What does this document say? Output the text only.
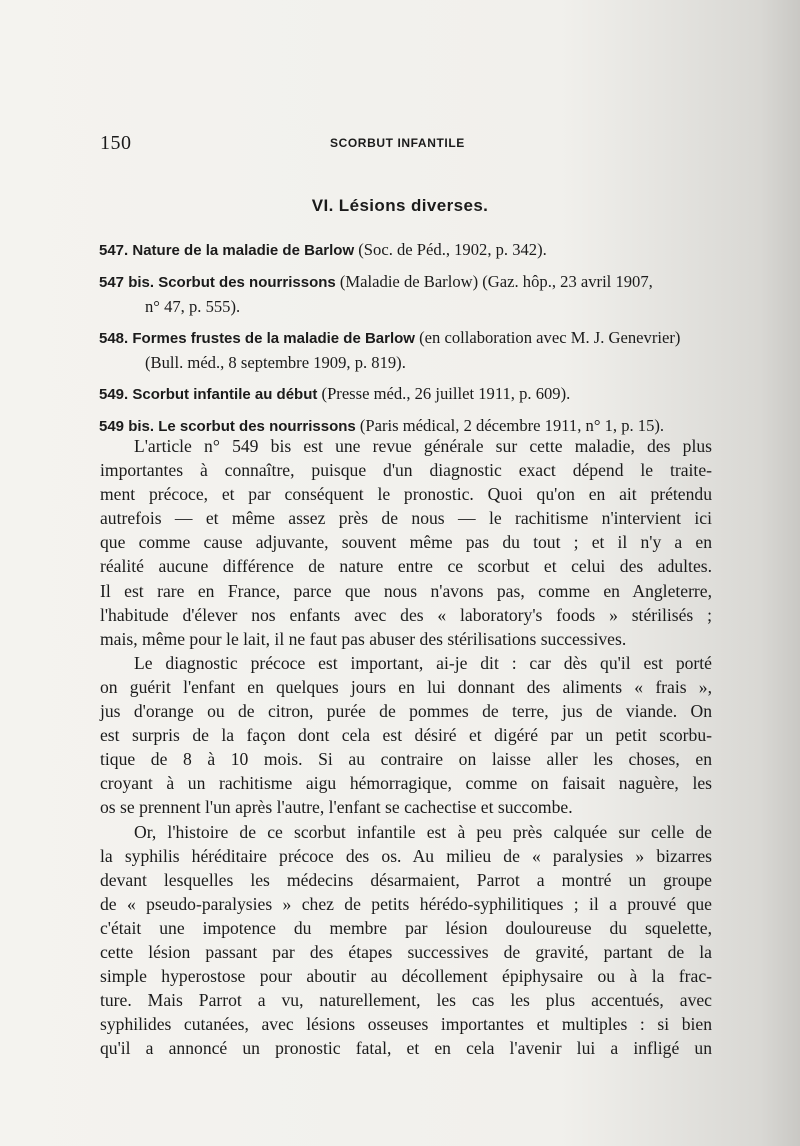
150	SCORBUT INFANTILE
VI. Lésions diverses.
547. Nature de la maladie de Barlow (Soc. de Péd., 1902, p. 342).
547 bis. Scorbut des nourrissons (Maladie de Barlow) (Gaz. hôp., 23 avril 1907,
n° 47, p. 555).
548. Formes frustes de la maladie de Barlow (en collaboration avec M. J. Genevrier)
(Bull. méd., 8 septembre 1909, p. 819).
549. Scorbut infantile au début (Presse méd., 26 juillet 1911, p. 609).
549 bis. Le scorbut des nourrissons (Paris médical, 2 décembre 1911, n° 1, p. 15).
L'article n° 549 bis est une revue générale sur cette maladie, des plus
importantes à connaître, puisque d'un diagnostic exact dépend le traite-
ment précoce, et par conséquent le pronostic. Quoi qu'on en ait prétendu
autrefois — et même assez près de nous — le rachitisme n'intervient ici
que comme cause adjuvante, souvent même pas du tout ; et il n'y a en
réalité aucune différence de nature entre ce scorbut et celui des adultes.
Il est rare en France, parce que nous n'avons pas, comme en Angleterre,
l'habitude d'élever nos enfants avec des « laboratory's foods » stérilisés ;
mais, même pour le lait, il ne faut pas abuser des stérilisations successives.
Le diagnostic précoce est important, ai-je dit : car dès qu'il est porté
on guérit l'enfant en quelques jours en lui donnant des aliments « frais »,
jus d'orange ou de citron, purée de pommes de terre, jus de viande. On
est surpris de la façon dont cela est désiré et digéré par un petit scorbu-
tique de 8 à 10 mois. Si au contraire on laisse aller les choses, en
croyant à un rachitisme aigu hémorragique, comme on faisait naguère, les
os se prennent l'un après l'autre, l'enfant se cachectise et succombe.
Or, l'histoire de ce scorbut infantile est à peu près calquée sur celle de
la syphilis héréditaire précoce des os. Au milieu de « paralysies » bizarres
devant lesquelles les médecins désarmaient, Parrot a montré un groupe
de « pseudo-paralysies » chez de petits hérédo-syphilitiques ; il a prouvé que
c'était une impotence du membre par lésion douloureuse du squelette,
cette lésion passant par des étapes successives de gravité, partant de la
simple hyperostose pour aboutir au décollement épiphysaire ou à la frac-
ture. Mais Parrot a vu, naturellement, les cas les plus accentués, avec
syphilides cutanées, avec lésions osseuses importantes et multiples : si bien
qu'il a annoncé un pronostic fatal, et en cela l'avenir lui a infligé un
